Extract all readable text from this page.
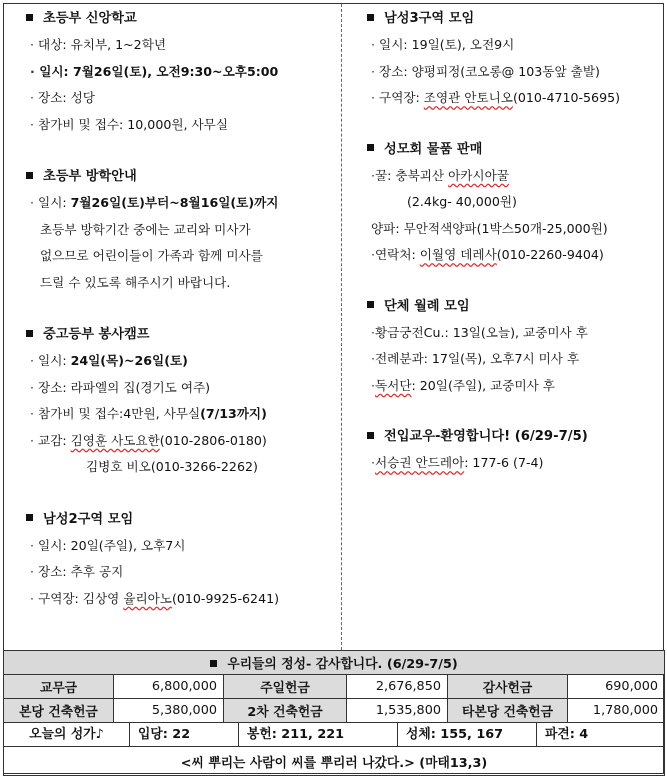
초등부 신앙학교
· 대상: 유치부, 1~2학년
· 일시: 7월26일(토), 오전9:30~오후5:00
· 장소: 성당
· 참가비 및 접수: 10,000원, 사무실
초등부 방학안내
· 일시: 7월26일(토)부터~8월16일(토)까지
초등부 방학기간 중에는 교리와 미사가
없으므로 어린이들이 가족과 함께 미사를
드릴 수 있도록 해주시기 바랍니다.
중고등부 봉사캠프
· 일시: 24일(목)~26일(토)
· 장소: 라파엘의 집(경기도 여주)
· 참가비 및 접수:4만원, 사무실(7/13까지)
· 교감: 김영훈 사도요한(010-2806-0180)
김병호 비오(010-3266-2262)
남성2구역 모임
· 일시: 20일(주일), 오후7시
· 장소: 추후 공지
· 구역장: 김상영 율리아노(010-9925-6241)
남성3구역 모임
· 일시: 19일(토), 오전9시
· 장소: 양평피정(코오롱@ 103동앞 출발)
· 구역장: 조영관 안토니오(010-4710-5695)
성모회 물품 판매
·꿀: 충북괴산 아카시아꿀
(2.4kg- 40,000원)
양파: 무안적색양파(1박스50개-25,000원)
·연락처: 이월영 데레사(010-2260-9404)
단체 월례 모임
·황금궁전Cu.: 13일(오늘), 교중미사 후
·전례분과: 17일(목), 오후7시 미사 후
·독서단: 20일(주일), 교중미사 후
전입교우-환영합니다! (6/29-7/5)
·서승권 안드레아: 177-6 (7-4)
우리들의 정성- 감사합니다. (6/29-7/5)					
교무금	6,800,000	주일헌금	2,676,850	감사헌금	690,000
본당 건축헌금	5,380,000	2차 건축헌금	1,535,800	타본당 건축헌금	1,780,000

오늘의 성가♪ 입당: 22 봉헌: 211, 221 성체: 155, 167 파견: 4					

<씨 뿌리는 사람이 씨를 뿌리러 나갔다.> (마태13,3)					
